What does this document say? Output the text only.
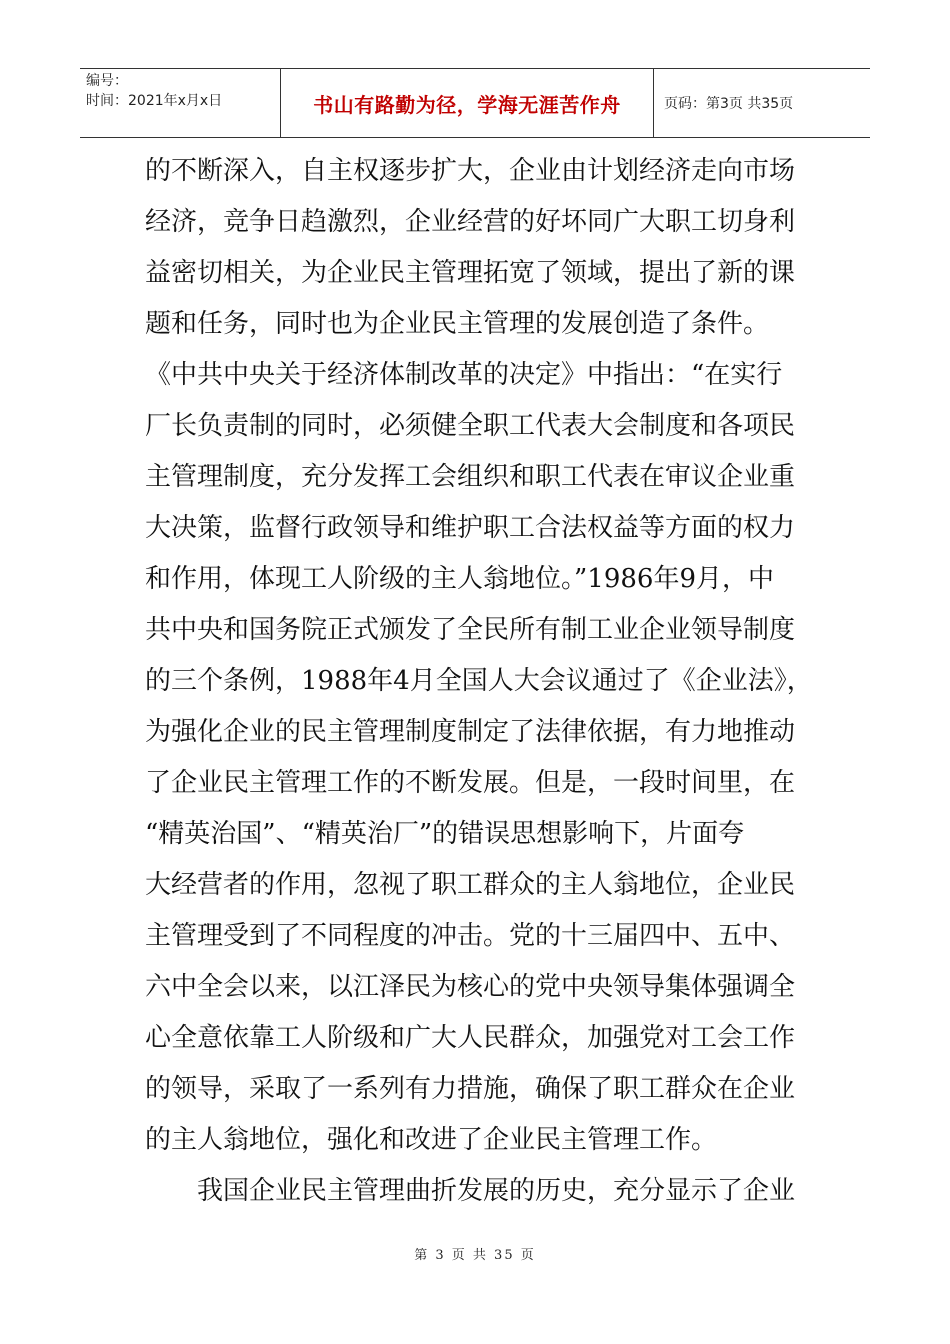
编号：
时间：2021年x月x日	书山有路勤为径，学海无涯苦作舟	页码：第3页 共35页
的不断深入，自主权逐步扩大，企业由计划经济走向市场
经济，竞争日趋激烈，企业经营的好坏同广大职工切身利
益密切相关，为企业民主管理拓宽了领域，提出了新的课
题和任务，同时也为企业民主管理的发展创造了条件。
《中共中央关于经济体制改革的决定》中指出：“在实行
厂长负责制的同时，必须健全职工代表大会制度和各项民
主管理制度，充分发挥工会组织和职工代表在审议企业重
大决策，监督行政领导和维护职工合法权益等方面的权力
和作用，体现工人阶级的主人翁地位。”1986年9月，中
共中央和国务院正式颁发了全民所有制工业企业领导制度
的三个条例，1988年4月全国人大会议通过了《企业法》，
为强化企业的民主管理制度制定了法律依据，有力地推动
了企业民主管理工作的不断发展。但是，一段时间里，在
“精英治国”、“精英治厂”的错误思想影响下，片面夸
大经营者的作用，忽视了职工群众的主人翁地位，企业民
主管理受到了不同程度的冲击。党的十三届四中、五中、
六中全会以来，以江泽民为核心的党中央领导集体强调全
心全意依靠工人阶级和广大人民群众，加强党对工会工作
的领导，采取了一系列有力措施，确保了职工群众在企业
的主人翁地位，强化和改进了企业民主管理工作。
我国企业民主管理曲折发展的历史，充分显示了企业
第 3 页 共 35 页
